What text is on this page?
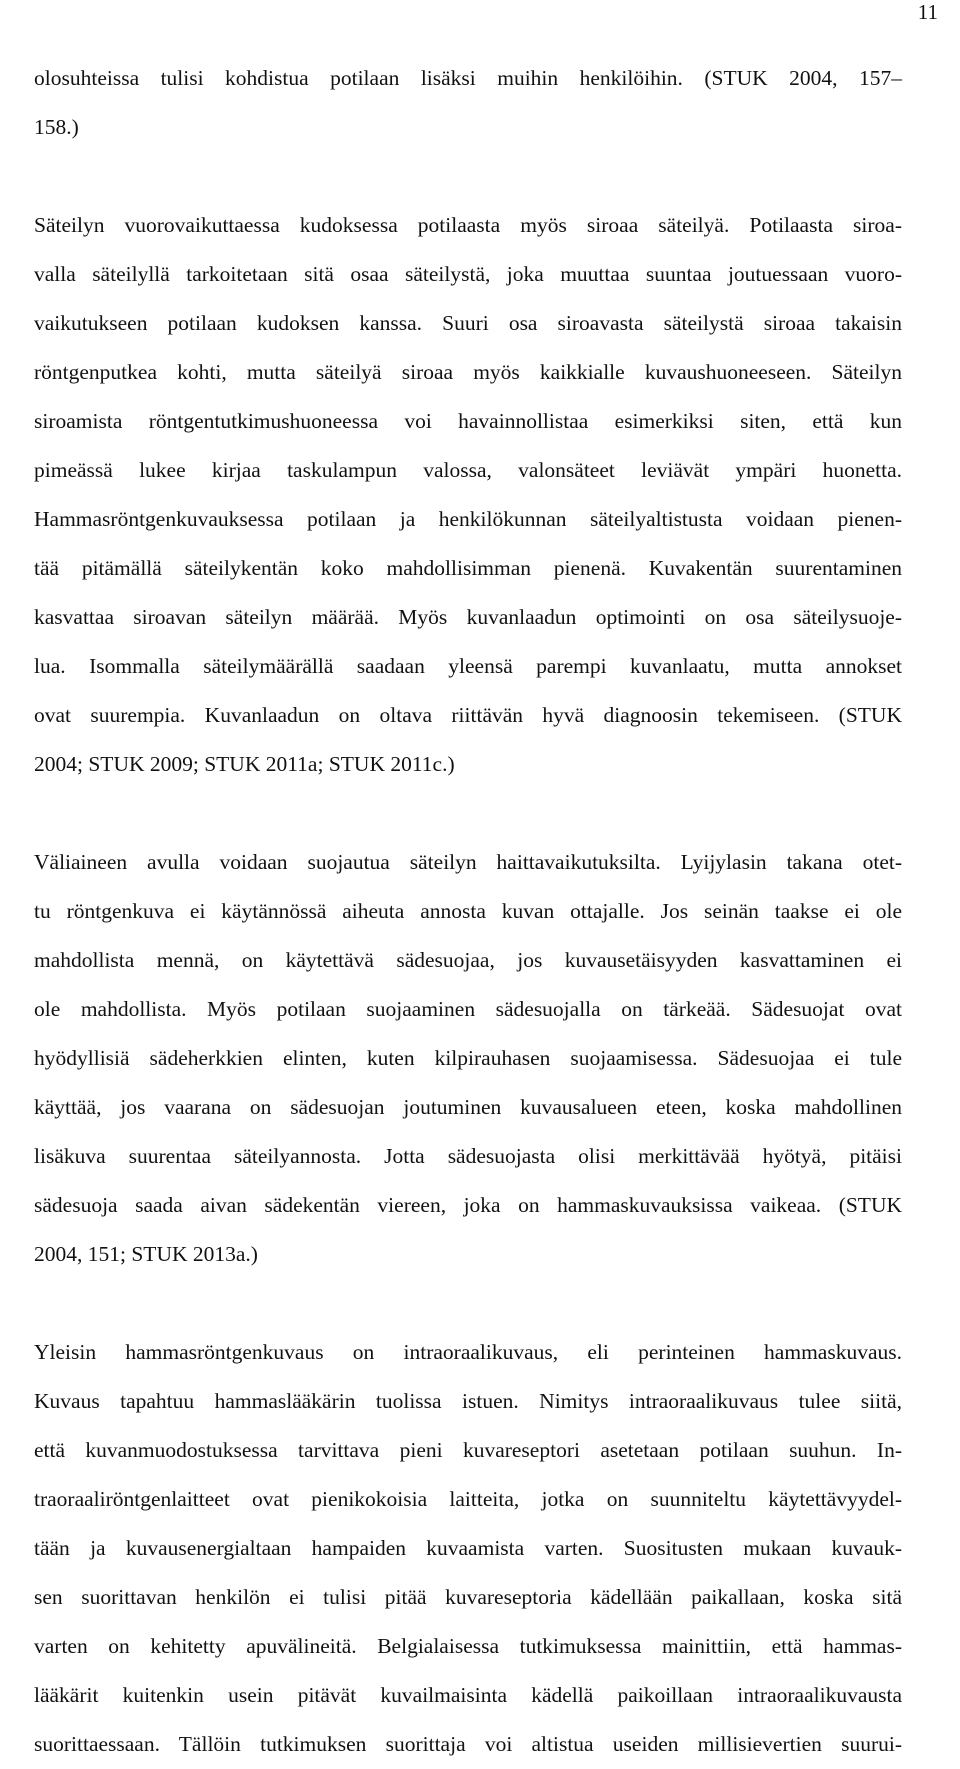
11
olosuhteissa tulisi kohdistua potilaan lisäksi muihin henkilöihin. (STUK 2004, 157–
158.)
Säteilyn vuorovaikuttaessa kudoksessa potilaasta myös siroaa säteilyä. Potilaasta siroa-
valla säteilyllä tarkoitetaan sitä osaa säteilystä, joka muuttaa suuntaa joutuessaan vuoro-
vaikutukseen potilaan kudoksen kanssa. Suuri osa siroavasta säteilystä siroaa takaisin
röntgenputkea kohti, mutta säteilyä siroaa myös kaikkialle kuvaushuoneeseen. Säteilyn
siroamista röntgentutkimushuoneessa voi havainnollistaa esimerkiksi siten, että kun
pimeässä lukee kirjaa taskulampun valossa, valonsäteet leviävät ympäri huonetta.
Hammasröntgenkuvauksessa potilaan ja henkilökunnan säteilyaltistusta voidaan pienen-
tää pitämällä säteilykentän koko mahdollisimman pienenä. Kuvakentän suurentaminen
kasvattaa siroavan säteilyn määrää. Myös kuvanlaadun optimointi on osa säteilysuoje-
lua. Isommalla säteilymäärällä saadaan yleensä parempi kuvanlaatu, mutta annokset
ovat suurempia. Kuvanlaadun on oltava riittävän hyvä diagnoosin tekemiseen. (STUK
2004; STUK 2009; STUK 2011a; STUK 2011c.)
Väliaineen avulla voidaan suojautua säteilyn haittavaikutuksilta. Lyijylasin takana otet-
tu röntgenkuva ei käytännössä aiheuta annosta kuvan ottajalle. Jos seinän taakse ei ole
mahdollista mennä, on käytettävä sädesuojaa, jos kuvausetäisyyden kasvattaminen ei
ole mahdollista. Myös potilaan suojaaminen sädesuojalla on tärkeää. Sädesuojat ovat
hyödyllisiä sädeherkkien elinten, kuten kilpirauhasen suojaamisessa. Sädesuojaa ei tule
käyttää, jos vaarana on sädesuojan joutuminen kuvausalueen eteen, koska mahdollinen
lisäkuva suurentaa säteilyannosta. Jotta sädesuojasta olisi merkittävää hyötyä, pitäisi
sädesuoja saada aivan sädekentän viereen, joka on hammaskuvauksissa vaikeaa. (STUK
2004, 151; STUK 2013a.)
Yleisin hammasröntgenkuvaus on intraoraalikuvaus, eli perinteinen hammaskuvaus.
Kuvaus tapahtuu hammaslääkärin tuolissa istuen. Nimitys intraoraalikuvaus tulee siitä,
että kuvanmuodostuksessa tarvittava pieni kuvareseptori asetetaan potilaan suuhun. In-
traoraaliröntgenlaitteet ovat pienikokoisia laitteita, jotka on suunniteltu käytettävyydel-
tään ja kuvausenergialtaan hampaiden kuvaamista varten. Suositusten mukaan kuvauk-
sen suorittavan henkilön ei tulisi pitää kuvareseptoria kädellään paikallaan, koska sitä
varten on kehitetty apuvälineitä. Belgialaisessa tutkimuksessa mainittiin, että hammas-
lääkärit kuitenkin usein pitävät kuvailmaisinta kädellä paikoillaan intraoraalikuvausta
suorittaessaan. Tällöin tutkimuksen suorittaja voi altistua useiden millisievertien suurui-
